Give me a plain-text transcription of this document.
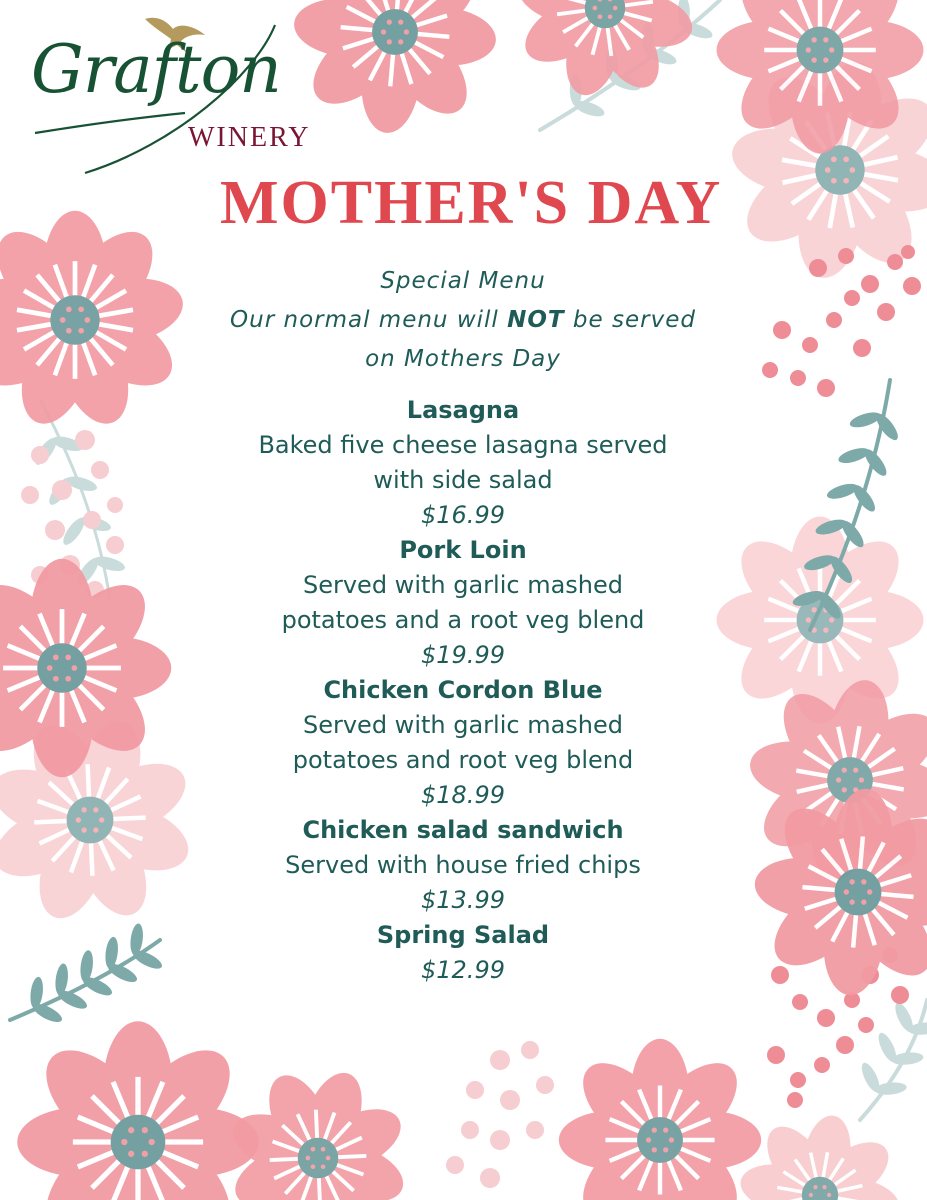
Grafton
WINERY
MOTHER'S DAY
Special Menu
Our normal menu will NOT be served
on Mothers Day
Lasagna
Baked five cheese lasagna served
with side salad
$16.99
Pork Loin
Served with garlic mashed
potatoes and a root veg blend
$19.99
Chicken Cordon Blue
Served with garlic mashed
potatoes and root veg blend
$18.99
Chicken salad sandwich
Served with house fried chips
$13.99
Spring Salad
$12.99
